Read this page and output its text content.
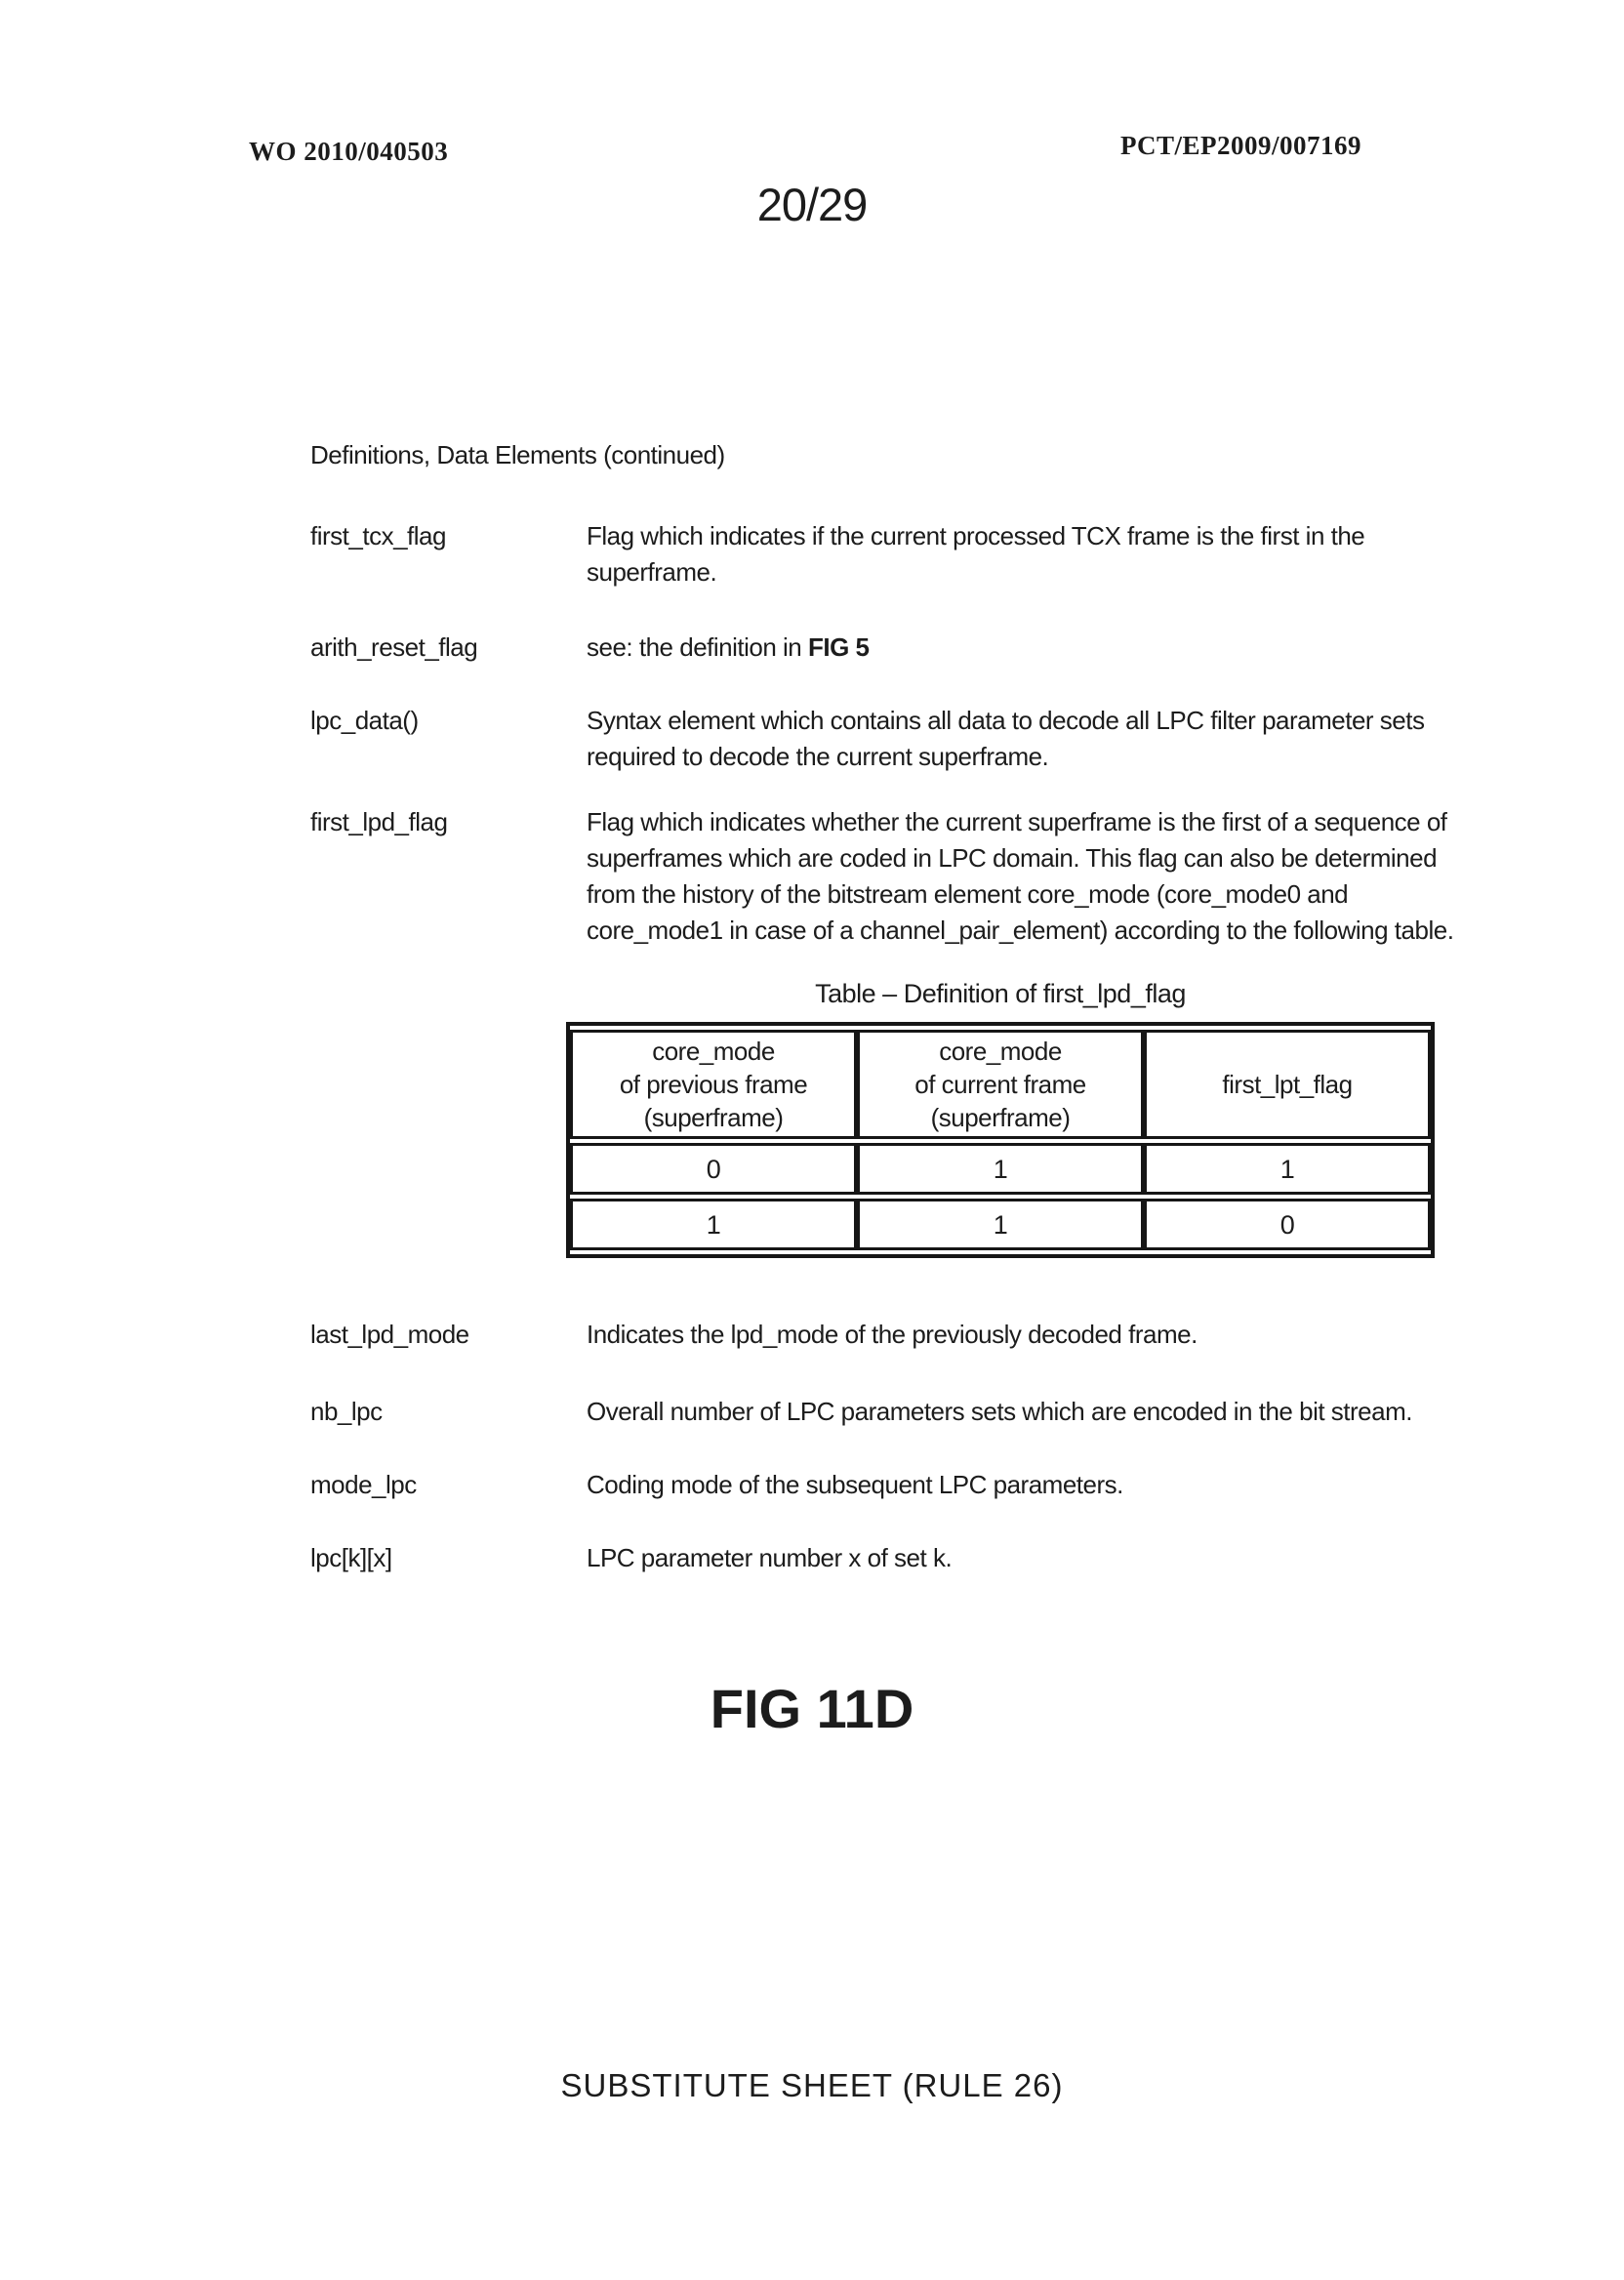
WO 2010/040503	PCT/EP2009/007169
20/29

Definitions, Data Elements (continued)

first_tcx_flag	Flag which indicates if the current processed TCX frame is the first in the superframe.
arith_reset_flag	see: the definition in FIG 5
lpc_data()	Syntax element which contains all data to decode all LPC filter parameter sets required to decode the current superframe.
first_lpd_flag	Flag which indicates whether the current superframe is the first of a sequence of superframes which are coded in LPC domain. This flag can also be determined from the history of the bitstream element core_mode (core_mode0 and core_mode1 in case of a channel_pair_element) according to the following table.
Table – Definition of first_lpd_flag
core_mode
of previous frame
(superframe)	core_mode
of current frame
(superframe)	first_lpt_flag

0	1	1
1	1	0
last_lpd_mode	Indicates the lpd_mode of the previously decoded frame.
nb_lpc	Overall number of LPC parameters sets which are encoded in the bit stream.
mode_lpc	Coding mode of the subsequent LPC parameters.
lpc[k][x]	LPC parameter number x of set k.
FIG 11D
SUBSTITUTE SHEET (RULE 26)
